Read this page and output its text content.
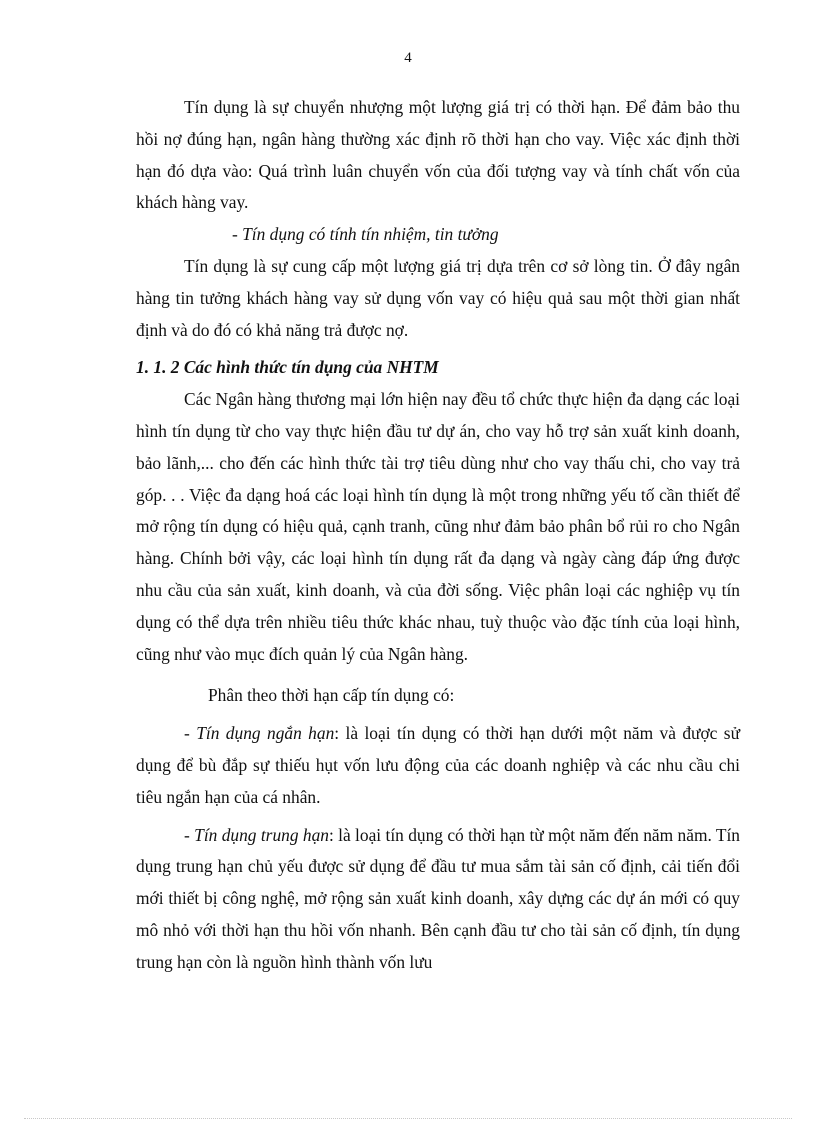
4

Tín dụng là sự chuyển nhượng một lượng giá trị có thời hạn. Để đảm bảo thu hồi nợ đúng hạn, ngân hàng thường xác định rõ thời hạn cho vay. Việc xác định thời hạn đó dựa vào: Quá trình luân chuyển vốn của đối tượng vay và tính chất vốn của khách hàng vay.

- Tín dụng có tính tín nhiệm, tin tưởng

Tín dụng là sự cung cấp một lượng giá trị dựa trên cơ sở lòng tin. Ở đây ngân hàng tin tưởng khách hàng vay sử dụng vốn vay có hiệu quả sau một thời gian nhất định và do đó có khả năng trả được nợ.

1. 1. 2 Các hình thức tín dụng của NHTM

Các Ngân hàng thương mại lớn hiện nay đều tổ chức thực hiện đa dạng các loại hình tín dụng từ cho vay thực hiện đầu tư dự án, cho vay hỗ trợ sản xuất kinh doanh, bảo lãnh,... cho đến các hình thức tài trợ tiêu dùng như cho vay thấu chi, cho vay trả góp. . . Việc đa dạng hoá các loại hình tín dụng là một trong những yếu tố cần thiết để mở rộng tín dụng có hiệu quả, cạnh tranh, cũng như đảm bảo phân bổ rủi ro cho Ngân hàng. Chính bởi vậy, các loại hình tín dụng rất đa dạng và ngày càng đáp ứng được nhu cầu của sản xuất, kinh doanh, và của đời sống. Việc phân loại các nghiệp vụ tín dụng có thể dựa trên nhiều tiêu thức khác nhau, tuỳ thuộc vào đặc tính của loại hình, cũng như vào mục đích quản lý của Ngân hàng.

Phân theo thời hạn cấp tín dụng có:

- Tín dụng ngắn hạn: là loại tín dụng có thời hạn dưới một năm và được sử dụng để bù đắp sự thiếu hụt vốn lưu động của các doanh nghiệp và các nhu cầu chi tiêu ngắn hạn của cá nhân.

- Tín dụng trung hạn: là loại tín dụng có thời hạn từ một năm đến năm năm. Tín dụng trung hạn chủ yếu được sử dụng để đầu tư mua sắm tài sản cố định, cải tiến đổi mới thiết bị công nghệ, mở rộng sản xuất kinh doanh, xây dựng các dự án mới có quy mô nhỏ với thời hạn thu hồi vốn nhanh. Bên cạnh đầu tư cho tài sản cố định, tín dụng trung hạn còn là nguồn hình thành vốn lưu
